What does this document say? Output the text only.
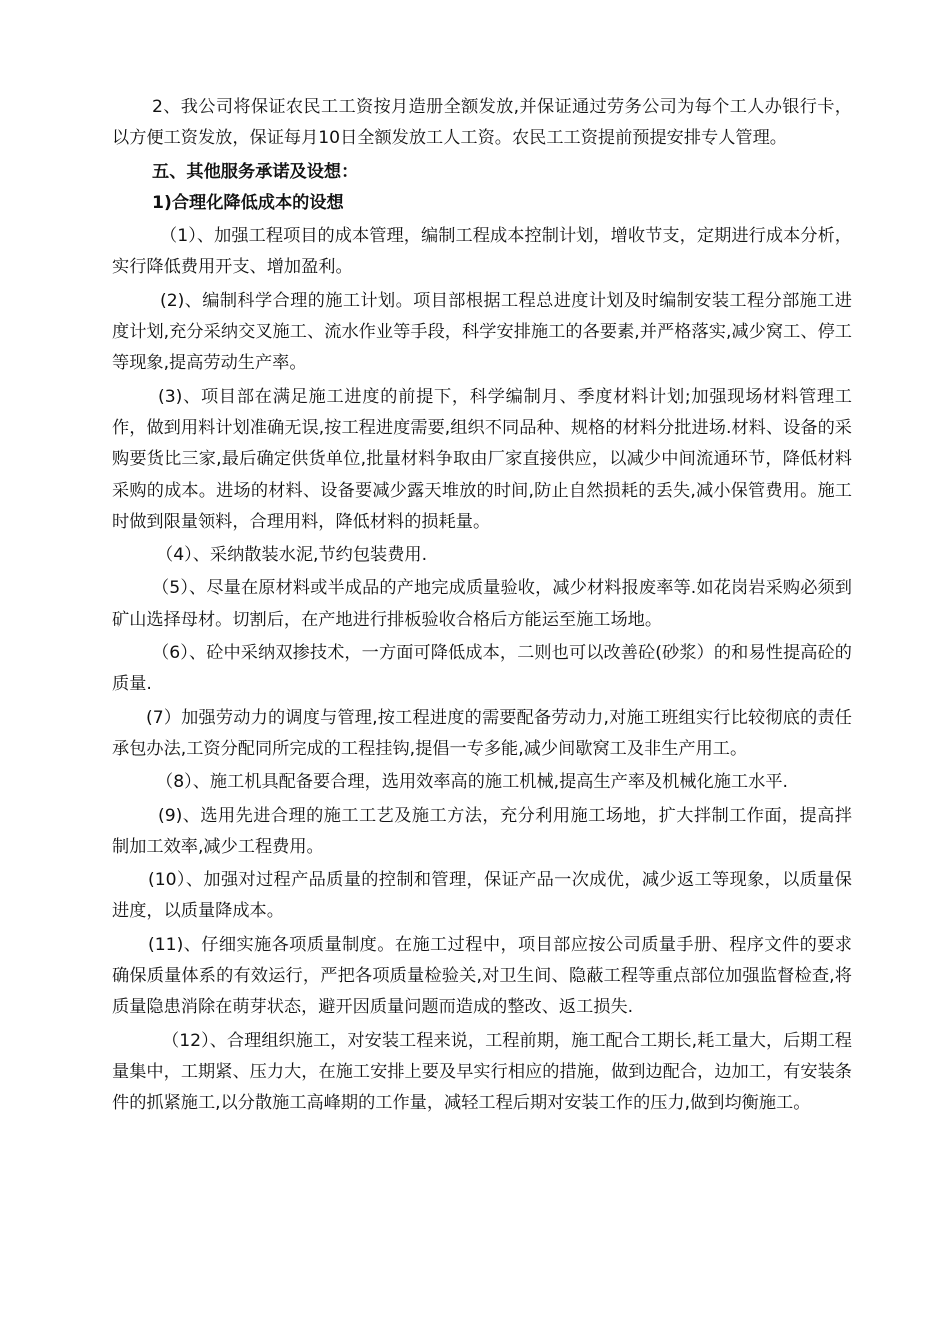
2、我公司将保证农民工工资按月造册全额发放,并保证通过劳务公司为每个工人办银行卡，以方便工资发放，保证每月10日全额发放工人工资。农民工工资提前预提安排专人管理。

五、其他服务承诺及设想：

1)合理化降低成本的设想

（1）、加强工程项目的成本管理，编制工程成本控制计划，增收节支，定期进行成本分析，实行降低费用开支、增加盈利。

(2)、编制科学合理的施工计划。项目部根据工程总进度计划及时编制安装工程分部施工进度计划,充分采纳交叉施工、流水作业等手段，科学安排施工的各要素,并严格落实,减少窝工、停工等现象,提高劳动生产率。

(3)、项目部在满足施工进度的前提下，科学编制月、季度材料计划;加强现场材料管理工作，做到用料计划准确无误,按工程进度需要,组织不同品种、规格的材料分批进场.材料、设备的采购要货比三家,最后确定供货单位,批量材料争取由厂家直接供应，以减少中间流通环节，降低材料采购的成本。进场的材料、设备要减少露天堆放的时间,防止自然损耗的丢失,减小保管费用。施工时做到限量领料，合理用料，降低材料的损耗量。

（4）、采纳散装水泥,节约包装费用.

（5）、尽量在原材料或半成品的产地完成质量验收，减少材料报废率等.如花岗岩采购必须到矿山选择母材。切割后，在产地进行排板验收合格后方能运至施工场地。

（6）、砼中采纳双掺技术，一方面可降低成本，二则也可以改善砼(砂浆）的和易性提高砼的质量.

(7）加强劳动力的调度与管理,按工程进度的需要配备劳动力,对施工班组实行比较彻底的责任承包办法,工资分配同所完成的工程挂钩,提倡一专多能,减少间歇窝工及非生产用工。

（8）、施工机具配备要合理，选用效率高的施工机械,提高生产率及机械化施工水平.

(9)、选用先进合理的施工工艺及施工方法，充分利用施工场地，扩大拌制工作面，提高拌制加工效率,减少工程费用。

(10）、加强对过程产品质量的控制和管理，保证产品一次成优，减少返工等现象，以质量保进度，以质量降成本。

(11)、仔细实施各项质量制度。在施工过程中，项目部应按公司质量手册、程序文件的要求确保质量体系的有效运行，严把各项质量检验关,对卫生间、隐蔽工程等重点部位加强监督检查,将质量隐患消除在萌芽状态，避开因质量问题而造成的整改、返工损失.

（12）、合理组织施工，对安装工程来说，工程前期，施工配合工期长,耗工量大，后期工程量集中，工期紧、压力大，在施工安排上要及早实行相应的措施，做到边配合，边加工，有安装条件的抓紧施工,以分散施工高峰期的工作量，减轻工程后期对安装工作的压力,做到均衡施工。
